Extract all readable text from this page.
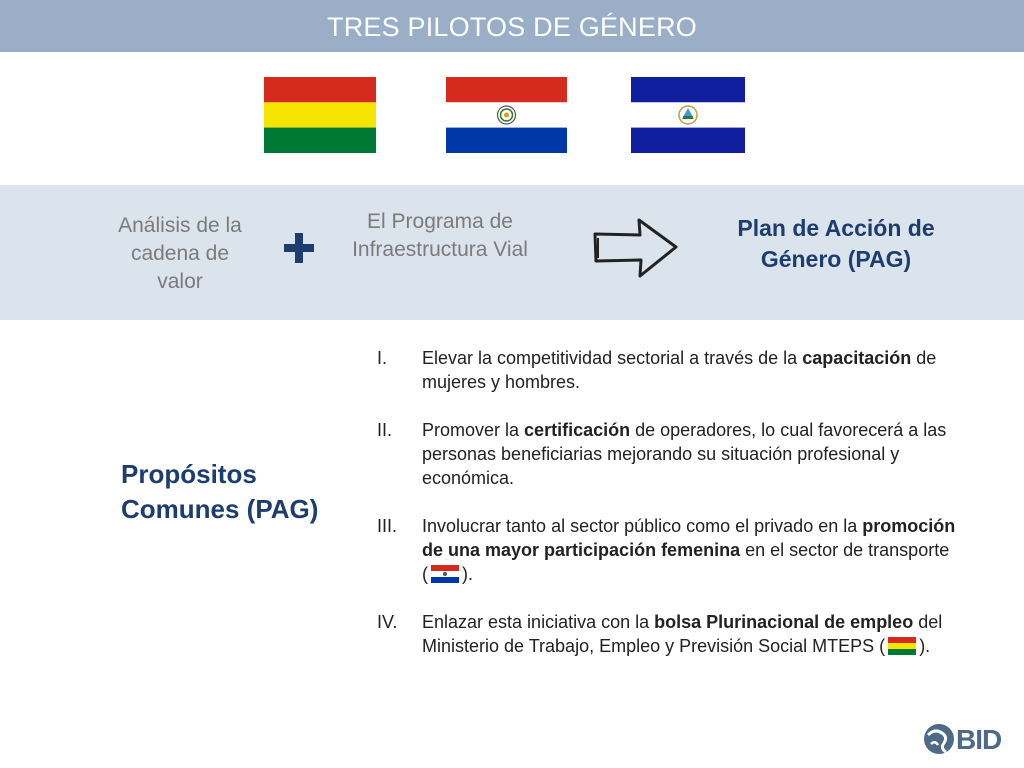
TRES PILOTOS DE GÉNERO
Análisis de la cadena de valor
El Programa de Infraestructura Vial
Plan de Acción de Género (PAG)
Propósitos Comunes (PAG)
I. Elevar la competitividad sectorial a través de la capacitación de mujeres y hombres.
II. Promover la certificación de operadores, lo cual favorecerá a las personas beneficiarias mejorando su situación profesional y económica.
III. Involucrar tanto al sector público como el privado en la promoción de una mayor participación femenina en el sector de transporte ( ).
IV. Enlazar esta iniciativa con la bolsa Plurinacional de empleo del Ministerio de Trabajo, Empleo y Previsión Social MTEPS ( ).
BID
